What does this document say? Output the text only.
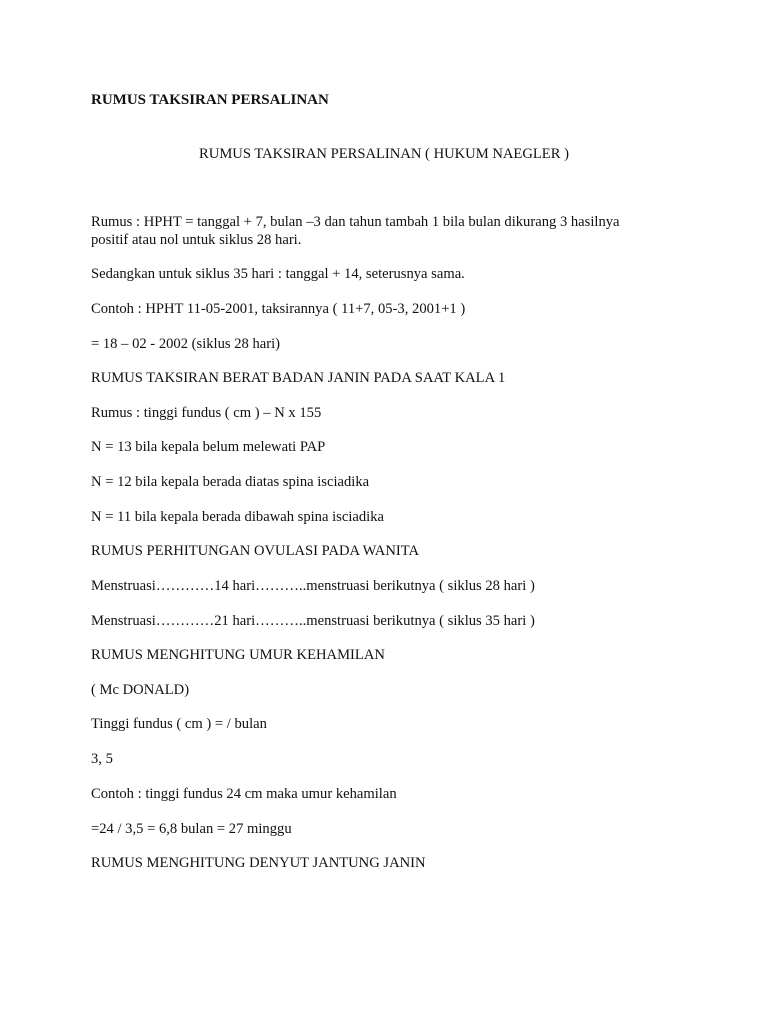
RUMUS TAKSIRAN PERSALINAN
RUMUS TAKSIRAN PERSALINAN ( HUKUM NAEGLER )
Rumus : HPHT = tanggal + 7, bulan –3 dan tahun tambah 1 bila bulan dikurang 3 hasilnya
positif atau nol untuk siklus 28 hari.
Sedangkan untuk siklus 35 hari : tanggal + 14, seterusnya sama.
Contoh : HPHT 11-05-2001, taksirannya ( 11+7, 05-3, 2001+1 )
= 18 – 02 - 2002 (siklus 28 hari)
RUMUS TAKSIRAN BERAT BADAN JANIN PADA SAAT KALA 1
Rumus : tinggi fundus ( cm ) – N x 155
N = 13 bila kepala belum melewati PAP
N = 12 bila kepala berada diatas spina isciadika
N = 11 bila kepala berada dibawah spina isciadika
RUMUS PERHITUNGAN OVULASI PADA WANITA
Menstruasi…………14 hari………..menstruasi berikutnya ( siklus 28 hari )
Menstruasi…………21 hari………..menstruasi berikutnya ( siklus 35 hari )
RUMUS MENGHITUNG UMUR KEHAMILAN
( Mc DONALD)
Tinggi fundus ( cm ) = / bulan
3, 5
Contoh : tinggi fundus 24 cm maka umur kehamilan
=24 / 3,5 = 6,8 bulan = 27 minggu
RUMUS MENGHITUNG DENYUT JANTUNG JANIN
